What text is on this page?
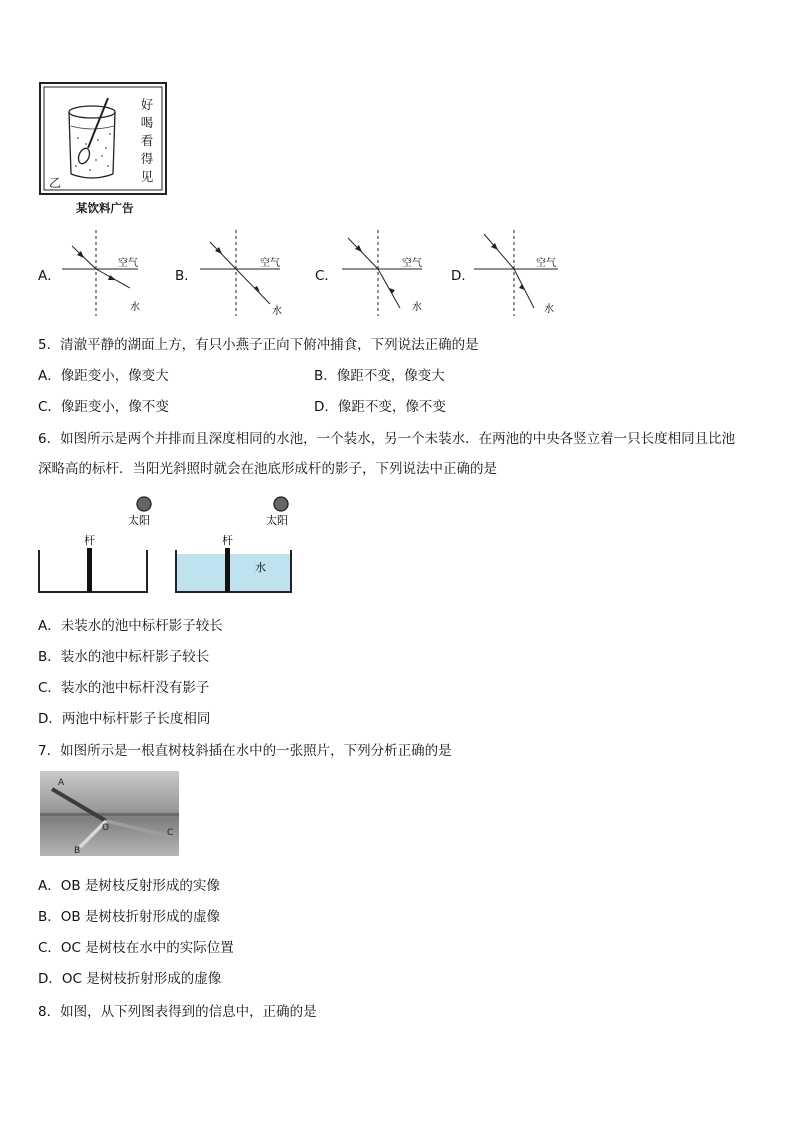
好
喝
看
得
见
乙
某饮料广告
A．
空气
水
B．
空气
水
C．
空气
水
D．
空气
水
5．清澈平静的湖面上方，有只小燕子正向下俯冲捕食，下列说法正确的是
A．像距变小，像变大	B．像距不变，像变大
C．像距变小，像不变	D．像距不变，像不变
6．如图所示是两个并排而且深度相同的水池，一个装水，另一个未装水．在两池的中央各竖立着一只长度相同且比池
深略高的标杆．当阳光斜照时就会在池底形成杆的影子，下列说法中正确的是
太阳
杆
太阳
杆
水
A．未装水的池中标杆影子较长
B．装水的池中标杆影子较长
C．装水的池中标杆没有影子
D．两池中标杆影子长度相同
7．如图所示是一根直树枝斜插在水中的一张照片，下列分析正确的是
A
O	C
B
A．OB 是树枝反射形成的实像
B．OB 是树枝折射形成的虚像
C．OC 是树枝在水中的实际位置
D．OC 是树枝折射形成的虚像
8．如图，从下列图表得到的信息中，正确的是
